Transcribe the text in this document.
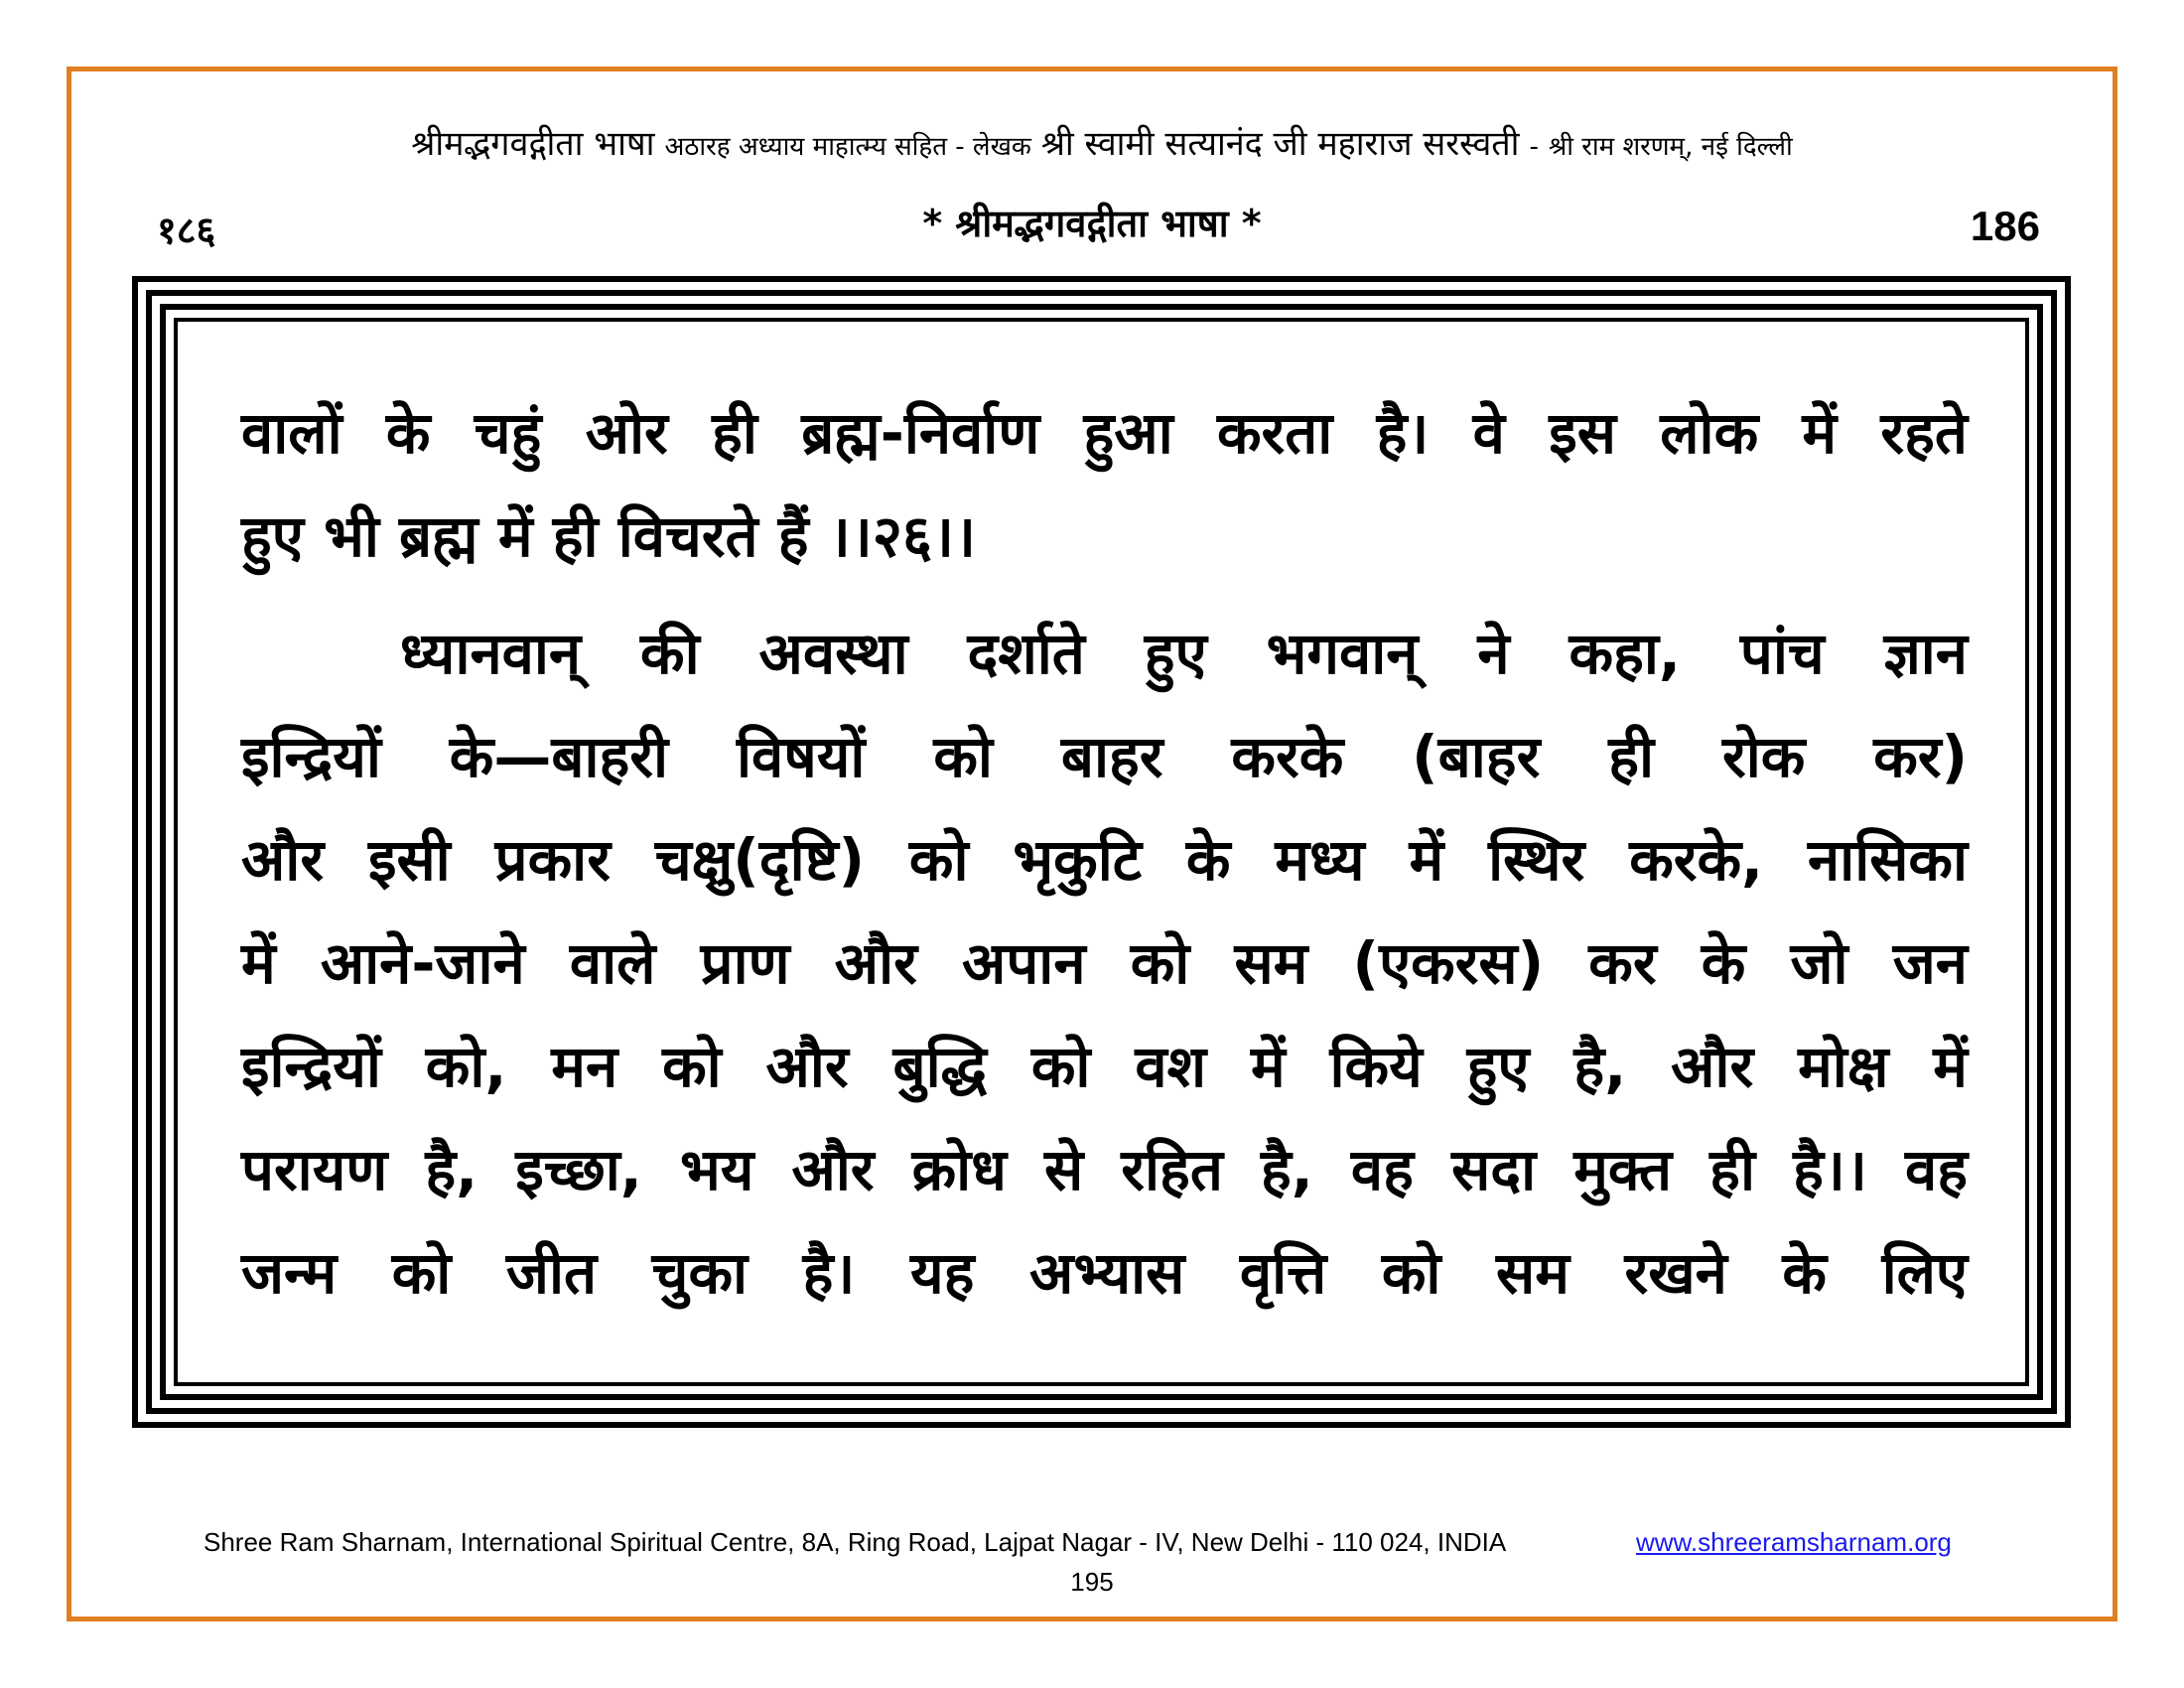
श्रीमद्भगवद्गीता भाषा अठारह अध्याय माहात्म्य सहित - लेखक श्री स्वामी सत्यानंद जी महाराज सरस्वती - श्री राम शरणम्, नई दिल्ली
१८६	* श्रीमद्भगवद्गीता भाषा *	186
वालों के चहुं ओर ही ब्रह्म-निर्वाण हुआ करता है। वे इस लोक में रहते
हुए भी ब्रह्म में ही विचरते हैं ।।२६।।
ध्यानवान् की अवस्था दर्शाते हुए भगवान् ने कहा, पांच ज्ञान
इन्द्रियों के—बाहरी विषयों को बाहर करके (बाहर ही रोक कर)
और इसी प्रकार चक्षु(दृष्टि) को भृकुटि के मध्य में स्थिर करके, नासिका
में आने-जाने वाले प्राण और अपान को सम (एकरस) कर के जो जन
इन्द्रियों को, मन को और बुद्धि को वश में किये हुए है, और मोक्ष में
परायण है, इच्छा, भय और क्रोध से रहित है, वह सदा मुक्त ही है।। वह
जन्म को जीत चुका है। यह अभ्यास वृत्ति को सम रखने के लिए
Shree Ram Sharnam, International Spiritual Centre, 8A, Ring Road, Lajpat Nagar - IV, New Delhi - 110 024, INDIA	www.shreeramsharnam.org
195
